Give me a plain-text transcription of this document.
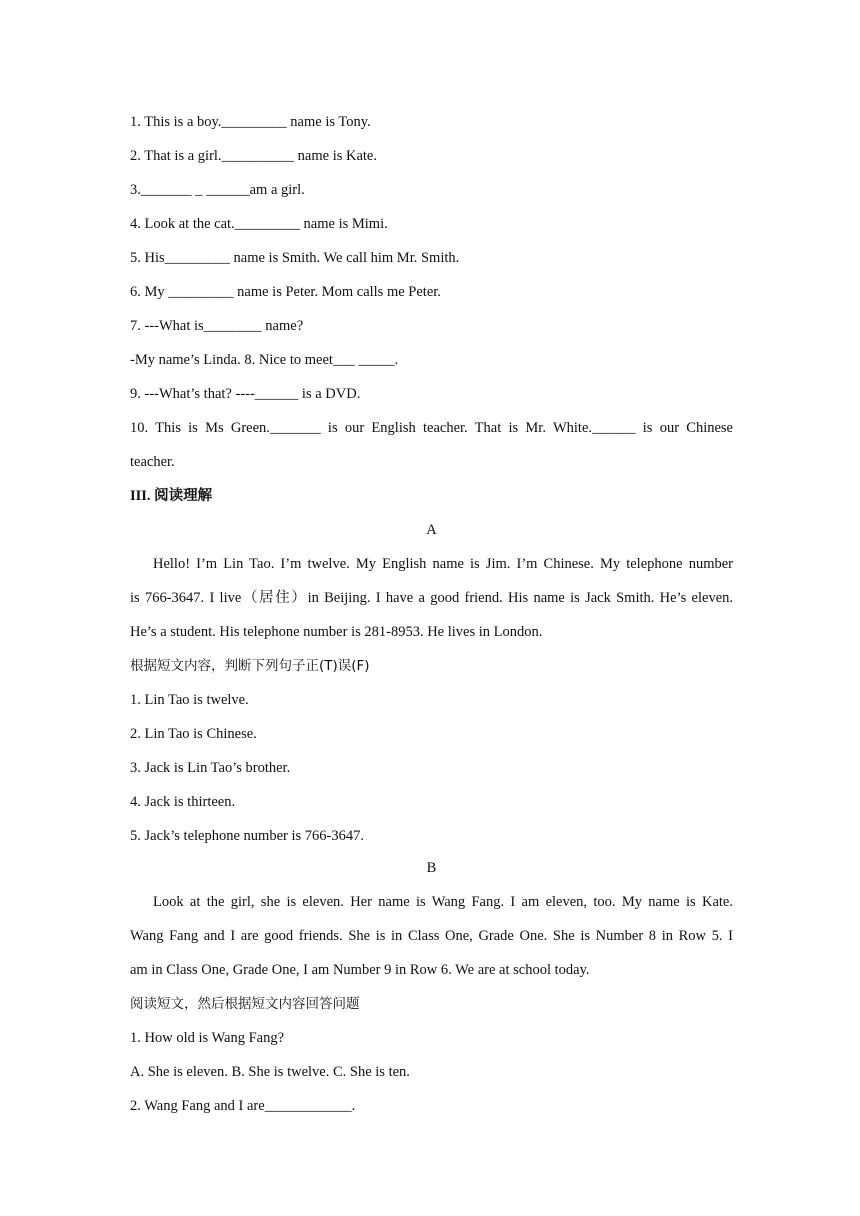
1. This is a boy._________ name is Tony.
2. That is a girl.__________ name is Kate.
3._______ _ ______am a girl.
4. Look at the cat._________ name is Mimi.
5. His_________ name is Smith. We call him Mr. Smith.
6. My _________ name is Peter. Mom calls me Peter.
7. ---What is________ name?
-My name’s Linda. 8. Nice to meet___ _____.
9. ---What’s that? ----______ is a DVD.
10. This is Ms Green._______ is our English teacher. That is Mr. White.______ is our Chinese
teacher.
III. 阅读理解
A
Hello! I’m Lin Tao. I’m twelve. My English name is Jim. I’m Chinese. My telephone number
is 766-3647. I live（居住）in Beijing. I have a good friend. His name is Jack Smith. He’s eleven.
He’s a student. His telephone number is 281-8953. He lives in London.
根据短文内容，判断下列句子正(T)误(F)
1. Lin Tao is twelve.
2. Lin Tao is Chinese.
3. Jack is Lin Tao’s brother.
4. Jack is thirteen.
5. Jack’s telephone number is 766-3647.
B
Look at the girl, she is eleven. Her name is Wang Fang. I am eleven, too. My name is Kate.
Wang Fang and I are good friends. She is in Class One, Grade One. She is Number 8 in Row 5. I
am in Class One, Grade One, I am Number 9 in Row 6. We are at school today.
阅读短文，然后根据短文内容回答问题
1. How old is Wang Fang?
A. She is eleven. B. She is twelve. C. She is ten.
2. Wang Fang and I are____________.
